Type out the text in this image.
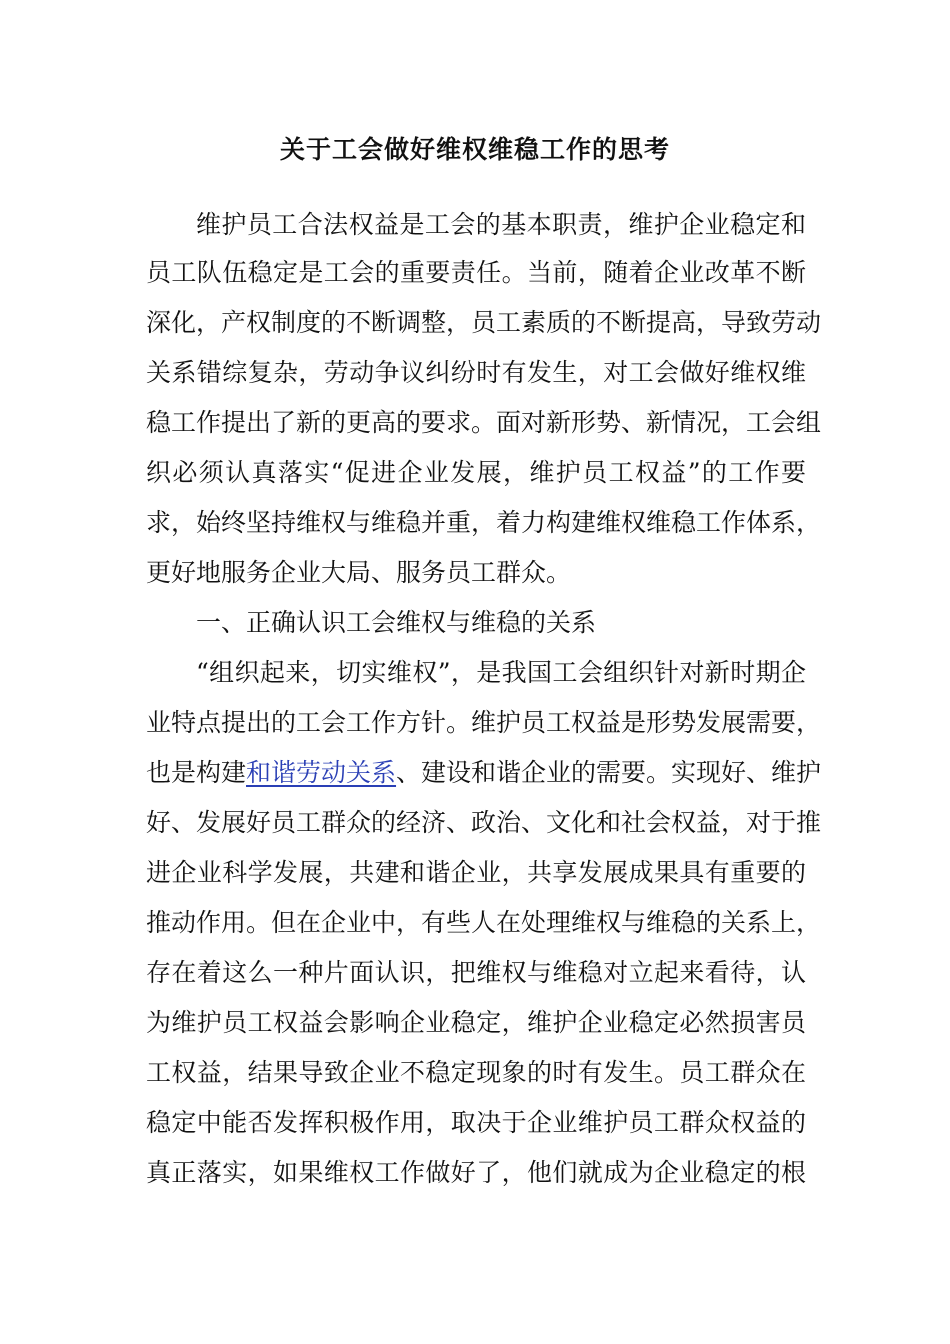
关于工会做好维权维稳工作的思考
维护员工合法权益是工会的基本职责，维护企业稳定和
员工队伍稳定是工会的重要责任。当前，随着企业改革不断
深化，产权制度的不断调整，员工素质的不断提高，导致劳动
关系错综复杂，劳动争议纠纷时有发生，对工会做好维权维
稳工作提出了新的更高的要求。面对新形势、新情况，工会组
织必须认真落实“促进企业发展，维护员工权益”的工作要
求，始终坚持维权与维稳并重，着力构建维权维稳工作体系，
更好地服务企业大局、服务员工群众。
一、正确认识工会维权与维稳的关系
“组织起来，切实维权”，是我国工会组织针对新时期企
业特点提出的工会工作方针。维护员工权益是形势发展需要，
也是构建和谐劳动关系、建设和谐企业的需要。实现好、维护
好、发展好员工群众的经济、政治、文化和社会权益，对于推
进企业科学发展，共建和谐企业，共享发展成果具有重要的
推动作用。但在企业中，有些人在处理维权与维稳的关系上，
存在着这么一种片面认识，把维权与维稳对立起来看待，认
为维护员工权益会影响企业稳定，维护企业稳定必然损害员
工权益，结果导致企业不稳定现象的时有发生。员工群众在
稳定中能否发挥积极作用，取决于企业维护员工群众权益的
真正落实，如果维权工作做好了，他们就成为企业稳定的根
